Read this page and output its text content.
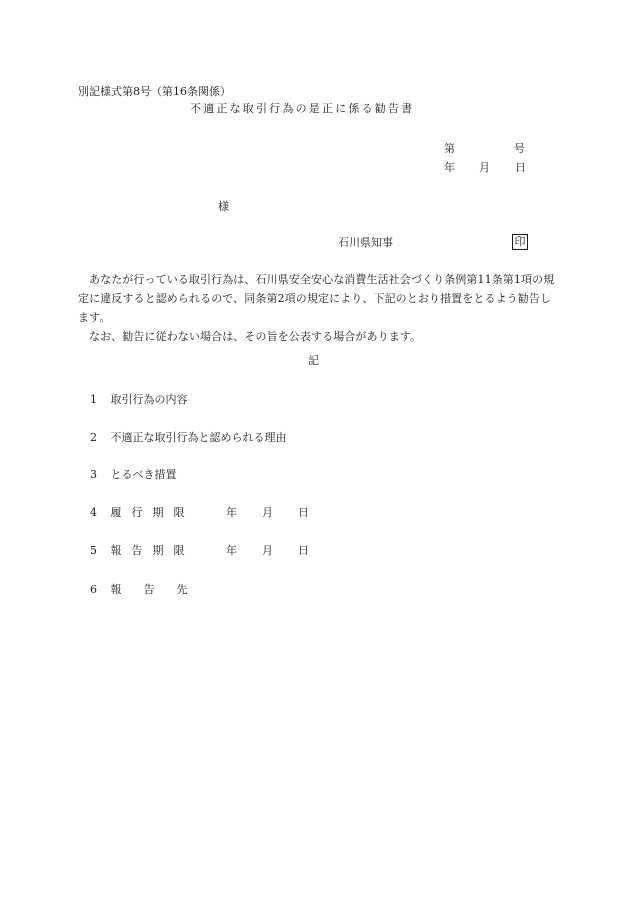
別記様式第8号（第16条関係）
不適正な取引行為の是正に係る勧告書
第	号
年 月 日
様
石川県知事	印

あなたが行っている取引行為は、石川県安全安心な消費生活社会づくり条例第11条第1項の規定に違反すると認められるので、同条第2項の規定により、下記のとおり措置をとるよう勧告します。

なお、勧告に従わない場合は、その旨を公表する場合があります。

記
1 取引行為の内容
2 不適正な取引行為と認められる理由
3 とるべき措置
4 履行期限	年 月 日
5 報告期限	年 月 日
6 報告先
